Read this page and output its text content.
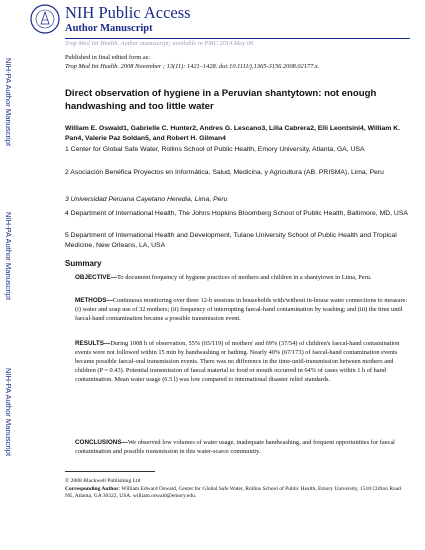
NIH Public Access
Author Manuscript
Trop Med Int Health. Author manuscript; available in PMC 2014 May 06.
NIH-PA Author Manuscript
NIH-PA Author Manuscript
NIH-PA Author Manuscript
Published in final edited form as:
Trop Med Int Health. 2008 November ; 13(11): 1421–1428. doi:10.1111/j.1365-3156.2008.02177.x.
Direct observation of hygiene in a Peruvian shantytown: not enough handwashing and too little water
William E. Oswald1, Gabrielle C. Hunter2, Andres G. Lescano3, Lilia Cabrera2, Elli Leontsini4, William K. Pan4, Valerie Paz Soldan5, and Robert H. Gilman4
1 Center for Global Safe Water, Rollins School of Public Health, Emory University, Atlanta, GA, USA
2 Asociación Benéfica Proyectos en Informática, Salud, Medicina, y Agricultura (AB. PRISMA), Lima, Peru
3 Universidad Peruana Cayetano Heredia, Lima, Peru
4 Department of International Health, The Johns Hopkins Bloomberg School of Public Health, Baltimore, MD, USA
5 Department of International Health and Development, Tulane University School of Public Health and Tropical Medicine, New Orleans, LA, USA
Summary
OBJECTIVE—To document frequency of hygiene practices of mothers and children in a shantytown in Lima, Peru.
METHODS—Continuous monitoring over three 12-h sessions in households with/without in-house water connections to measure: (i) water and soap use of 32 mothers; (ii) frequency of interrupting faecal-hand contamination by washing; and (iii) the time until faecal-hand contamination became a possible transmission event.
RESULTS—During 1008 h of observation, 55% (65/119) of mothers' and 69% (37/54) of children's faecal-hand contamination events were not followed within 15 min by handwashing or bathing. Nearly 40% (67/173) of faecal-hand contamination events became possible faecal-oral transmission events. There was no difference in the time-until-transmission between mothers and children (P = 0.43). Potential transmission of faecal material to food or mouth occurred in 64% of cases within 1 h of hand contamination. Mean water usage (6.5 l) was low compared to international disaster relief standards.
CONCLUSIONS—We observed low volumes of water usage, inadequate handwashing, and frequent opportunities for faecal contamination and possible transmission in this water-scarce community.
© 2008 Blackwell Publishing Ltd
Corresponding Author: William Edward Oswald, Center for Global Safe Water, Rollins School of Public Health, Emory University, 1518 Clifton Road NE, Atlanta, GA 30322, USA. william.oswald@emory.edu.
